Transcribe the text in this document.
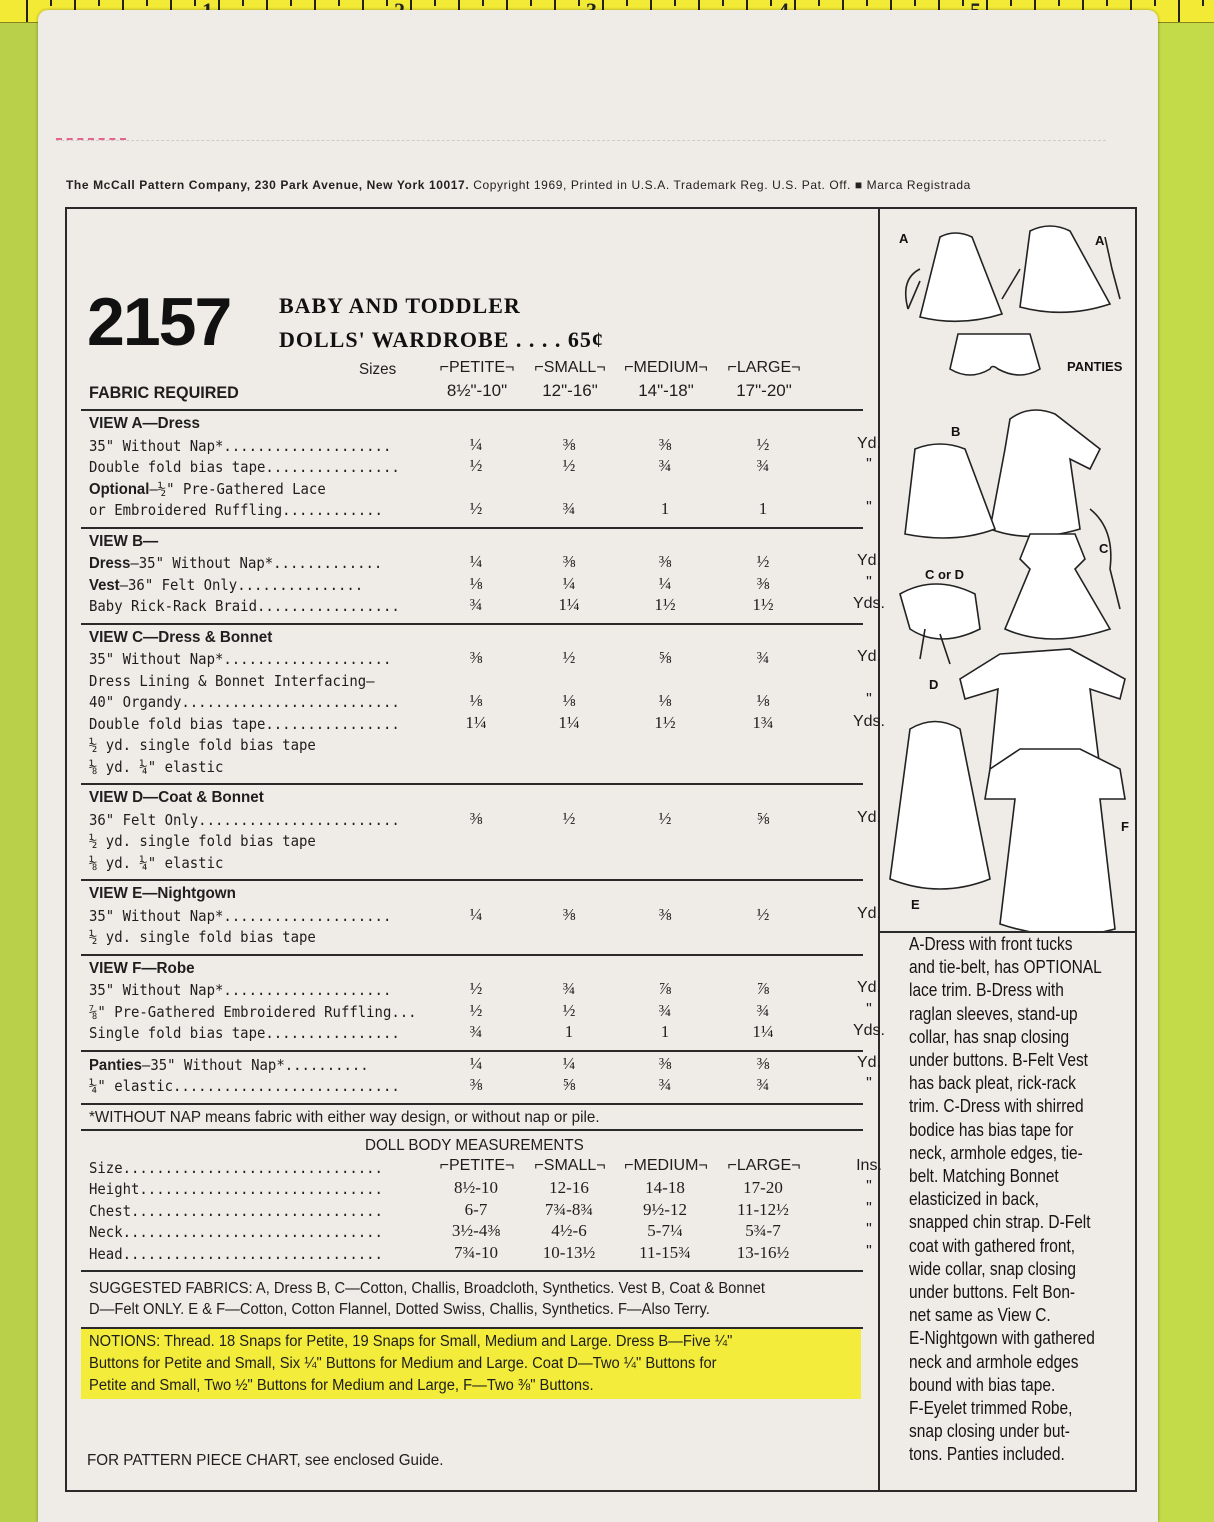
The McCall Pattern Company, 230 Park Avenue, New York 10017. Copyright 1969, Printed in U.S.A. Trademark Reg. U.S. Pat. Off. ■ Marca Registrada
2157 BABY AND TODDLER
DOLLS' WARDROBE . . . . 65¢
Sizes	⌐PETITE¬	⌐SMALL¬	⌐MEDIUM¬	⌐LARGE¬
8½"-10"	12"-16"	14"-18"	17"-20"
FABRIC REQUIRED
VIEW A—Dress
35" Without Nap*....................	¼	⅜	⅜	½	Yd.
Double fold bias tape................	½	½	¾	¾	"
Optional—½" Pre-Gathered Lace
or Embroidered Ruffling............	½	¾	1	1	"
VIEW B—
Dress—35" Without Nap*.............	¼	⅜	⅜	½	Yd.
Vest—36" Felt Only...............	⅛	¼	¼	⅜	"
Baby Rick-Rack Braid.................	¾	1¼	1½	1½	Yds.
VIEW C—Dress & Bonnet
35" Without Nap*....................	⅜	½	⅝	¾	Yd.
Dress Lining & Bonnet Interfacing—
40" Organdy..........................	⅛	⅛	⅛	⅛	"
Double fold bias tape................	1¼	1¼	1½	1¾	Yds.
½ yd. single fold bias tape
⅛ yd. ¼" elastic
VIEW D—Coat & Bonnet
36" Felt Only........................	⅜	½	½	⅝	Yd.
½ yd. single fold bias tape
⅛ yd. ¼" elastic
VIEW E—Nightgown
35" Without Nap*....................	¼	⅜	⅜	½	Yd.
½ yd. single fold bias tape
VIEW F—Robe
35" Without Nap*....................	½	¾	⅞	⅞	Yd.
⅞" Pre-Gathered Embroidered Ruffling...	½	½	¾	¾	"
Single fold bias tape................	¾	1	1	1¼	Yds.
Panties—35" Without Nap*..........	¼	¼	⅜	⅜	Yd.
¼" elastic...........................	⅜	⅝	¾	¾	"
*WITHOUT NAP means fabric with either way design, or without nap or pile.
DOLL BODY MEASUREMENTS
Size...............................	⌐PETITE¬	⌐SMALL¬	⌐MEDIUM¬	⌐LARGE¬	Ins.
Height.............................	8½-10	12-16	14-18	17-20	"
Chest..............................	6-7	7¾-8¾	9½-12	11-12½	"
Neck...............................	3½-4⅜	4½-6	5-7¼	5¾-7	"
Head...............................	7¾-10	10-13½	11-15¾	13-16½	"
SUGGESTED FABRICS: A, Dress B, C—Cotton, Challis, Broadcloth, Synthetics. Vest B, Coat & Bonnet
D—Felt ONLY. E & F—Cotton, Cotton Flannel, Dotted Swiss, Challis, Synthetics. F—Also Terry.
NOTIONS: Thread. 18 Snaps for Petite, 19 Snaps for Small, Medium and Large. Dress B—Five ¼"
Buttons for Petite and Small, Six ¼" Buttons for Medium and Large. Coat D—Two ¼" Buttons for
Petite and Small, Two ½" Buttons for Medium and Large, F—Two ⅜" Buttons.
FOR PATTERN PIECE CHART, see enclosed Guide.
A	A
PANTIES
B
C
C or D
D
E
F
A-Dress with front tucks
and tie-belt, has OPTIONAL
lace trim. B-Dress with
raglan sleeves, stand-up
collar, has snap closing
under buttons. B-Felt Vest
has back pleat, rick-rack
trim. C-Dress with shirred
bodice has bias tape for
neck, armhole edges, tie-
belt. Matching Bonnet
elasticized in back,
snapped chin strap. D-Felt
coat with gathered front,
wide collar, snap closing
under buttons. Felt Bon-
net same as View C.
E-Nightgown with gathered
neck and armhole edges
bound with bias tape.
F-Eyelet trimmed Robe,
snap closing under but-
tons. Panties included.
